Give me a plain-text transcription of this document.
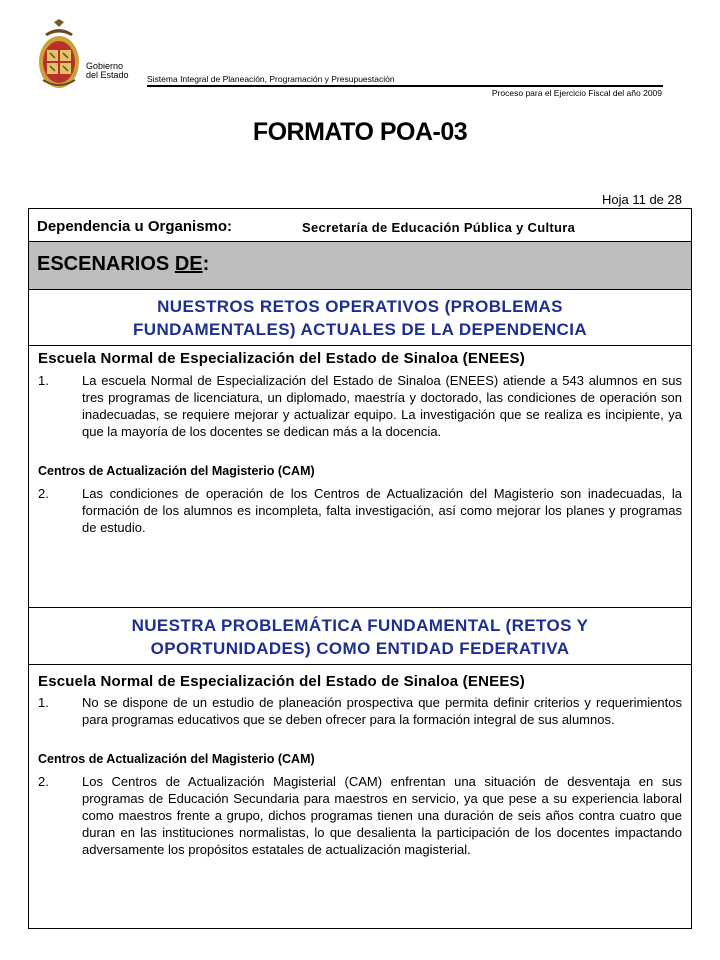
Gobierno
del Estado Sistema Integral de Planeación, Programación y Presupuestación
Proceso para el Ejercicio Fiscal del año 2009
FORMATO POA-03
Hoja 11 de 28
Dependencia u Organismo:	Secretaría de Educación Pública y Cultura
ESCENARIOS DE:
NUESTROS RETOS OPERATIVOS (PROBLEMAS
FUNDAMENTALES) ACTUALES DE LA DEPENDENCIA
Escuela Normal de Especialización del Estado de Sinaloa (ENEES)
1.	La escuela Normal de Especialización del Estado de Sinaloa (ENEES) atiende a 543 alumnos en sus tres programas de licenciatura, un diplomado, maestría y doctorado, las condiciones de operación son inadecuadas, se requiere mejorar y actualizar equipo. La investigación que se realiza es incipiente, ya que la mayoría de los docentes se dedican más a la docencia.
Centros de Actualización del Magisterio (CAM)
2.	Las condiciones de operación de los Centros de Actualización del Magisterio son inadecuadas, la formación de los alumnos es incompleta, falta investigación, así como mejorar los planes y programas de estudio.
NUESTRA PROBLEMÁTICA FUNDAMENTAL (RETOS Y
OPORTUNIDADES) COMO ENTIDAD FEDERATIVA
Escuela Normal de Especialización del Estado de Sinaloa (ENEES)
1.	No se dispone de un estudio de planeación prospectiva que permita definir criterios y requerimientos para programas educativos que se deben ofrecer para la formación integral de sus alumnos.
Centros de Actualización del Magisterio (CAM)
2.	Los Centros de Actualización Magisterial (CAM) enfrentan una situación de desventaja en sus programas de Educación Secundaria para maestros en servicio, ya que pese a su experiencia laboral como maestros frente a grupo, dichos programas tienen una duración de seis años contra cuatro que duran en las instituciones normalistas, lo que desalienta la participación de los docentes impactando adversamente los propósitos estatales de actualización magisterial.
